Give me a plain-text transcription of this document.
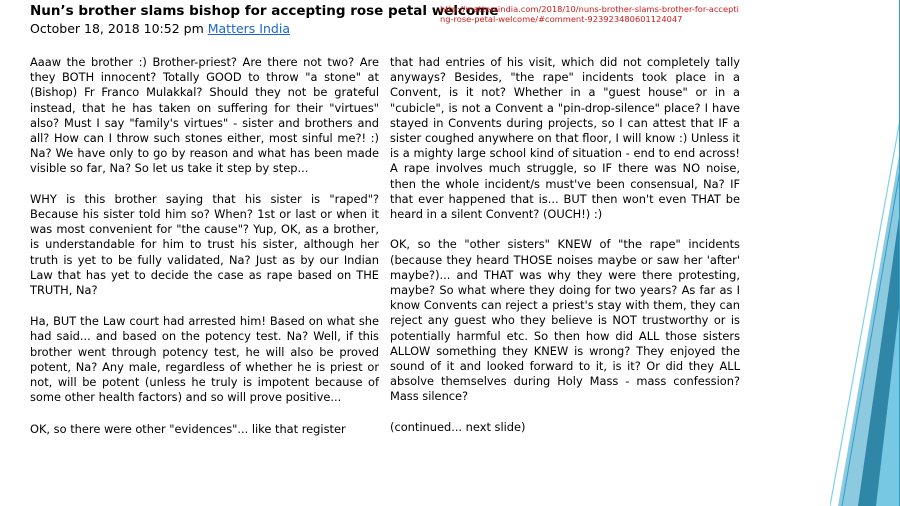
Nun’s brother slams bishop for accepting rose petal welcome
October 18, 2018 10:52 pm Matters India
http://mattersindia.com/2018/10/nuns-brother-slams-brother-for-accepting-rose-petal-welcome/#comment-923923480601124047

Aaaw the brother :) Brother-priest? Are there not two? Are they BOTH innocent? Totally GOOD to throw "a stone" at (Bishop) Fr Franco Mulakkal? Should they not be grateful instead, that he has taken on suffering for their "virtues" also? Must I say "family's virtues" - sister and brothers and all? How can I throw such stones either, most sinful me?! :) Na? We have only to go by reason and what has been made visible so far, Na? So let us take it step by step...

WHY is this brother saying that his sister is "raped"? Because his sister told him so? When? 1st or last or when it was most convenient for "the cause"? Yup, OK, as a brother, is understandable for him to trust his sister, although her truth is yet to be fully validated, Na? Just as by our Indian Law that has yet to decide the case as rape based on THE TRUTH, Na?

Ha, BUT the Law court had arrested him! Based on what she had said... and based on the potency test. Na? Well, if this brother went through potency test, he will also be proved potent, Na? Any male, regardless of whether he is priest or not, will be potent (unless he truly is impotent because of some other health factors) and so will prove positive...

OK, so there were other "evidences"... like that register

that had entries of his visit, which did not completely tally anyways? Besides, "the rape" incidents took place in a Convent, is it not? Whether in a "guest house" or in a "cubicle", is not a Convent a "pin-drop-silence" place? I have stayed in Convents during projects, so I can attest that IF a sister coughed anywhere on that floor, I will know :) Unless it is a mighty large school kind of situation - end to end across! A rape involves much struggle, so IF there was NO noise, then the whole incident/s must've been consensual, Na? IF that ever happened that is... BUT then won't even THAT be heard in a silent Convent? (OUCH!) :)

OK, so the "other sisters" KNEW of "the rape" incidents (because they heard THOSE noises maybe or saw her 'after' maybe?)... and THAT was why they were there protesting, maybe? So what where they doing for two years? As far as I know Convents can reject a priest's stay with them, they can reject any guest who they believe is NOT trustworthy or is potentially harmful etc. So then how did ALL those sisters ALLOW something they KNEW is wrong? They enjoyed the sound of it and looked forward to it, is it? Or did they ALL absolve themselves during Holy Mass - mass confession? Mass silence?

(continued... next slide)
